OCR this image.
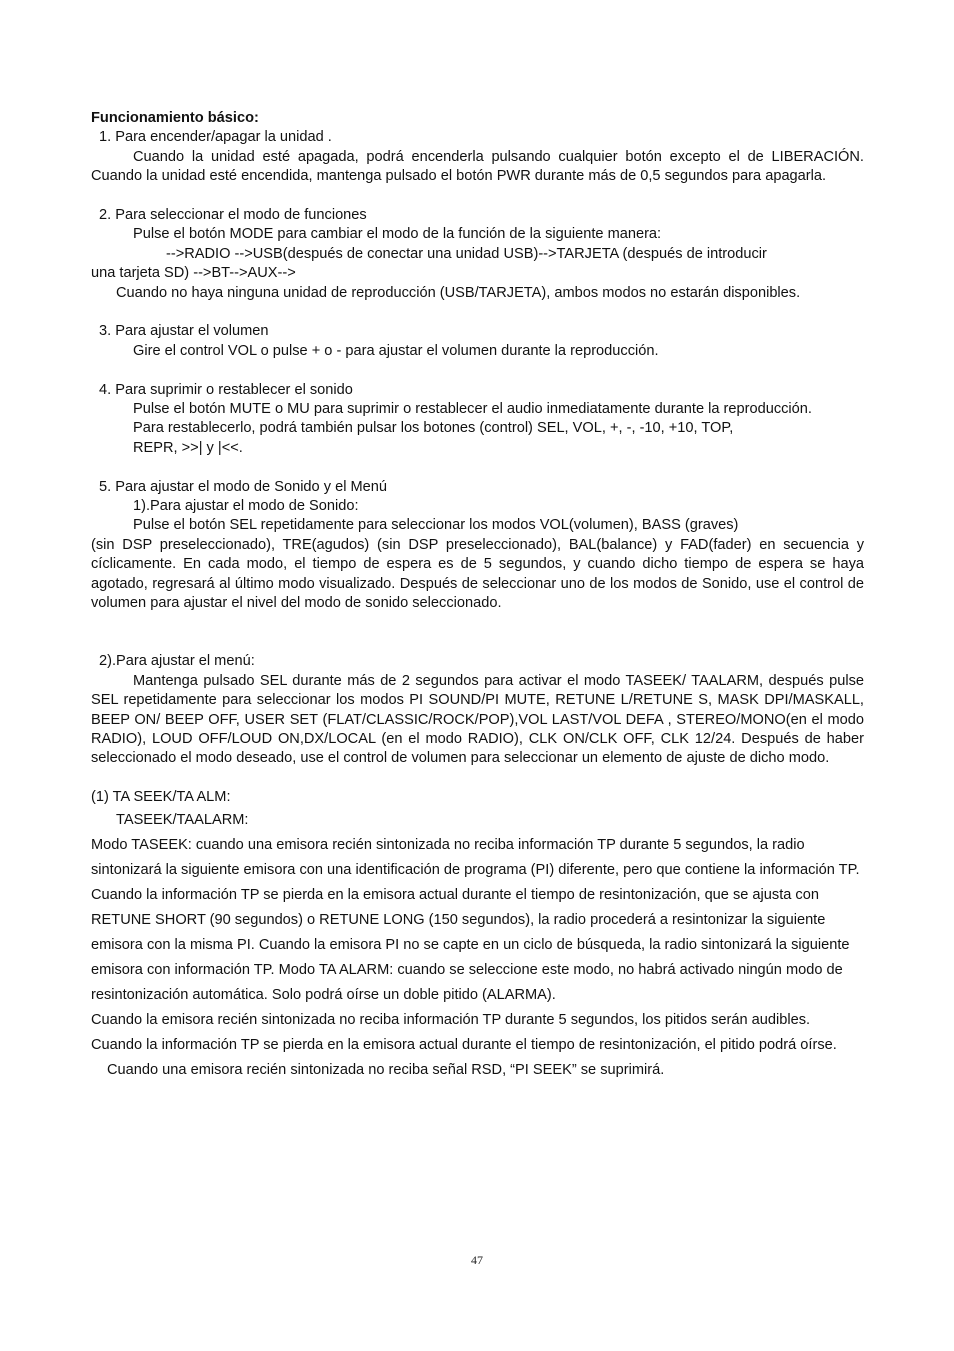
Funcionamiento básico:

1. Para encender/apagar la unidad .

Cuando la unidad esté apagada, podrá encenderla pulsando cualquier botón excepto el de LIBERACIÓN. Cuando la unidad esté encendida, mantenga pulsado el botón PWR durante más de 0,5 segundos para apagarla.

2. Para seleccionar el modo de funciones

Pulse el botón MODE para cambiar el modo de la función de la siguiente manera:

-->RADIO -->USB(después de conectar una unidad USB)-->TARJETA (después de introducir

una tarjeta SD) -->BT-->AUX-->

Cuando no haya ninguna unidad de reproducción (USB/TARJETA), ambos modos no estarán disponibles.

3. Para ajustar el volumen

Gire el control VOL o pulse + o - para ajustar el volumen durante la reproducción.

4. Para suprimir o restablecer el sonido

Pulse el botón MUTE o MU para suprimir o restablecer el audio inmediatamente durante la reproducción.

Para restablecerlo, podrá también pulsar los botones (control) SEL, VOL, +, -, -10, +10, TOP,

REPR, >>| y |<<.

5. Para ajustar el modo de Sonido y el Menú

1).Para ajustar el modo de Sonido:

Pulse el botón SEL repetidamente para seleccionar los modos VOL(volumen), BASS (graves)

(sin DSP preseleccionado), TRE(agudos) (sin DSP preseleccionado), BAL(balance) y FAD(fader) en secuencia y cíclicamente. En cada modo, el tiempo de espera es de 5 segundos, y cuando dicho tiempo de espera se haya agotado, regresará al último modo visualizado. Después de seleccionar uno de los modos de Sonido, use el control de volumen para ajustar el nivel del modo de sonido seleccionado.

2).Para ajustar el menú:

Mantenga pulsado SEL durante más de 2 segundos para activar el modo TASEEK/ TAALARM, después pulse SEL repetidamente para seleccionar los modos PI SOUND/PI MUTE, RETUNE L/RETUNE S, MASK DPI/MASKALL, BEEP ON/ BEEP OFF, USER SET (FLAT/CLASSIC/ROCK/POP),VOL LAST/VOL DEFA , STEREO/MONO(en el modo RADIO), LOUD OFF/LOUD ON,DX/LOCAL (en el modo RADIO), CLK ON/CLK OFF, CLK 12/24. Después de haber seleccionado el modo deseado, use el control de volumen para seleccionar un elemento de ajuste de dicho modo.

(1) TA SEEK/TA ALM:

TASEEK/TAALARM:

Modo TASEEK: cuando una emisora recién sintonizada no reciba información TP durante 5 segundos, la radio sintonizará la siguiente emisora con una identificación de programa (PI) diferente, pero que contiene la información TP.

Cuando la información TP se pierda en la emisora actual durante el tiempo de resintonización, que se ajusta con RETUNE SHORT (90 segundos) o RETUNE LONG (150 segundos), la radio procederá a resintonizar la siguiente emisora con la misma PI. Cuando la emisora PI no se capte en un ciclo de búsqueda, la radio sintonizará la siguiente emisora con información TP. Modo TA ALARM: cuando se seleccione este modo, no habrá activado ningún modo de resintonización automática. Solo podrá oírse un doble pitido (ALARMA).

Cuando la emisora recién sintonizada no reciba información TP durante 5 segundos, los pitidos serán audibles. Cuando la información TP se pierda en la emisora actual durante el tiempo de resintonización, el pitido podrá oírse.

Cuando una emisora recién sintonizada no reciba señal RSD, “PI SEEK” se suprimirá.

47
